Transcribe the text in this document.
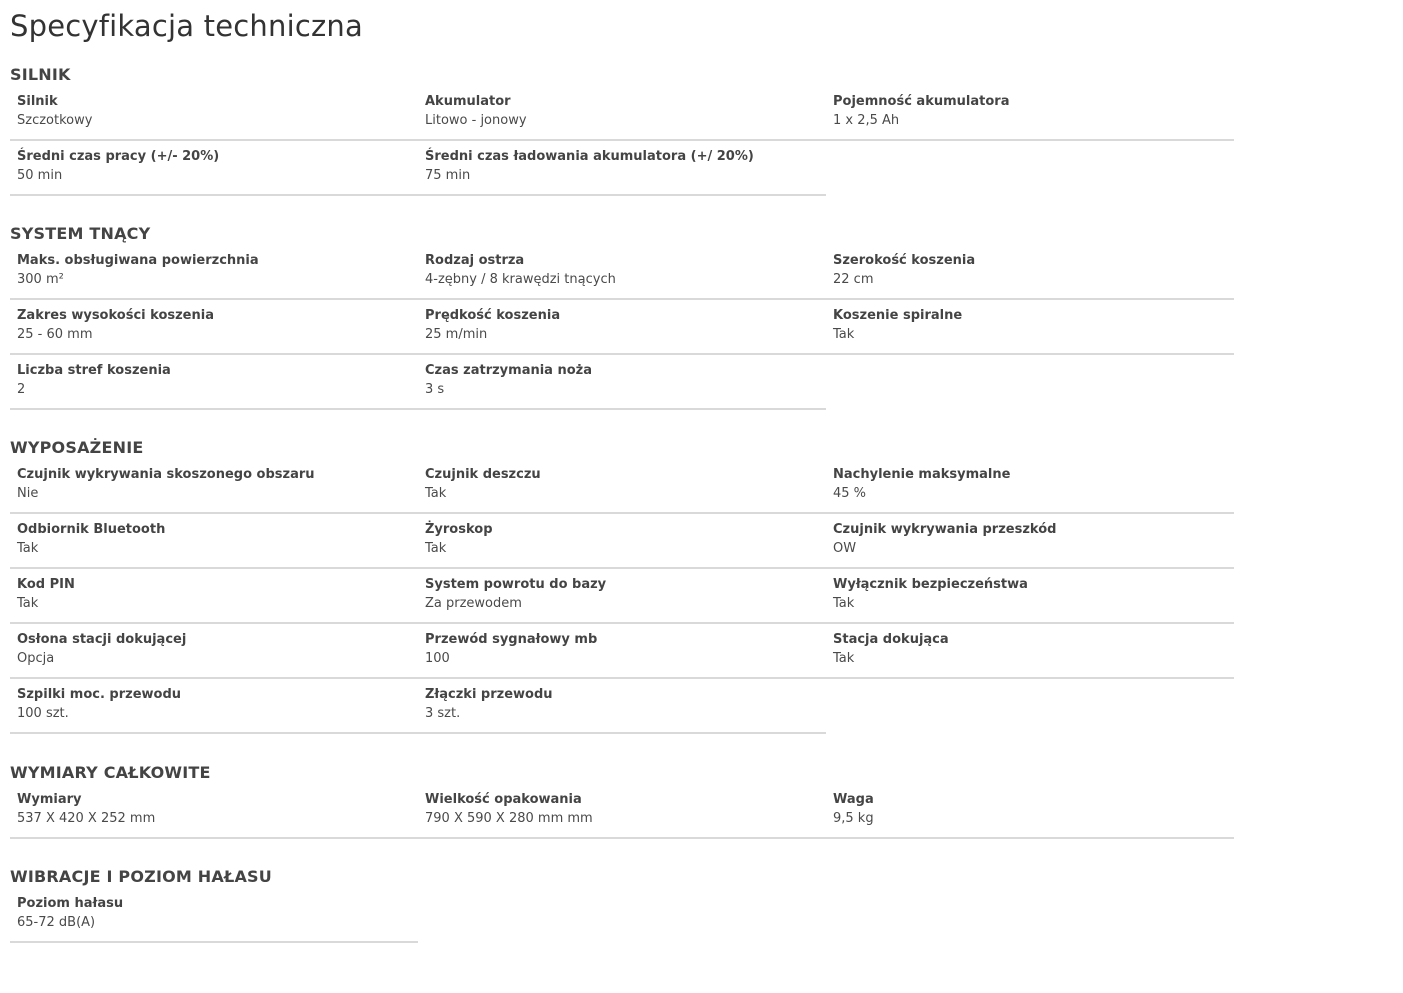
Specyfikacja techniczna
SILNIK
Silnik
Szczotkowy
Akumulator
Litowo - jonowy
Pojemność akumulatora
1 x 2,5 Ah
Średni czas pracy (+/- 20%)
50 min
Średni czas ładowania akumulatora (+/ 20%)
75 min
SYSTEM TNĄCY
Maks. obsługiwana powierzchnia
300 m²
Rodzaj ostrza
4-zębny / 8 krawędzi tnących
Szerokość koszenia
22 cm
Zakres wysokości koszenia
25 - 60 mm
Prędkość koszenia
25 m/min
Koszenie spiralne
Tak
Liczba stref koszenia
2
Czas zatrzymania noża
3 s
WYPOSAŻENIE
Czujnik wykrywania skoszonego obszaru
Nie
Czujnik deszczu
Tak
Nachylenie maksymalne
45 %
Odbiornik Bluetooth
Tak
Żyroskop
Tak
Czujnik wykrywania przeszkód
OW
Kod PIN
Tak
System powrotu do bazy
Za przewodem
Wyłącznik bezpieczeństwa
Tak
Osłona stacji dokującej
Opcja
Przewód sygnałowy mb
100
Stacja dokująca
Tak
Szpilki moc. przewodu
100 szt.
Złączki przewodu
3 szt.
WYMIARY CAŁKOWITE
Wymiary
537 X 420 X 252 mm
Wielkość opakowania
790 X 590 X 280 mm mm
Waga
9,5 kg
WIBRACJE I POZIOM HAŁASU
Poziom hałasu
65-72 dB(A)
